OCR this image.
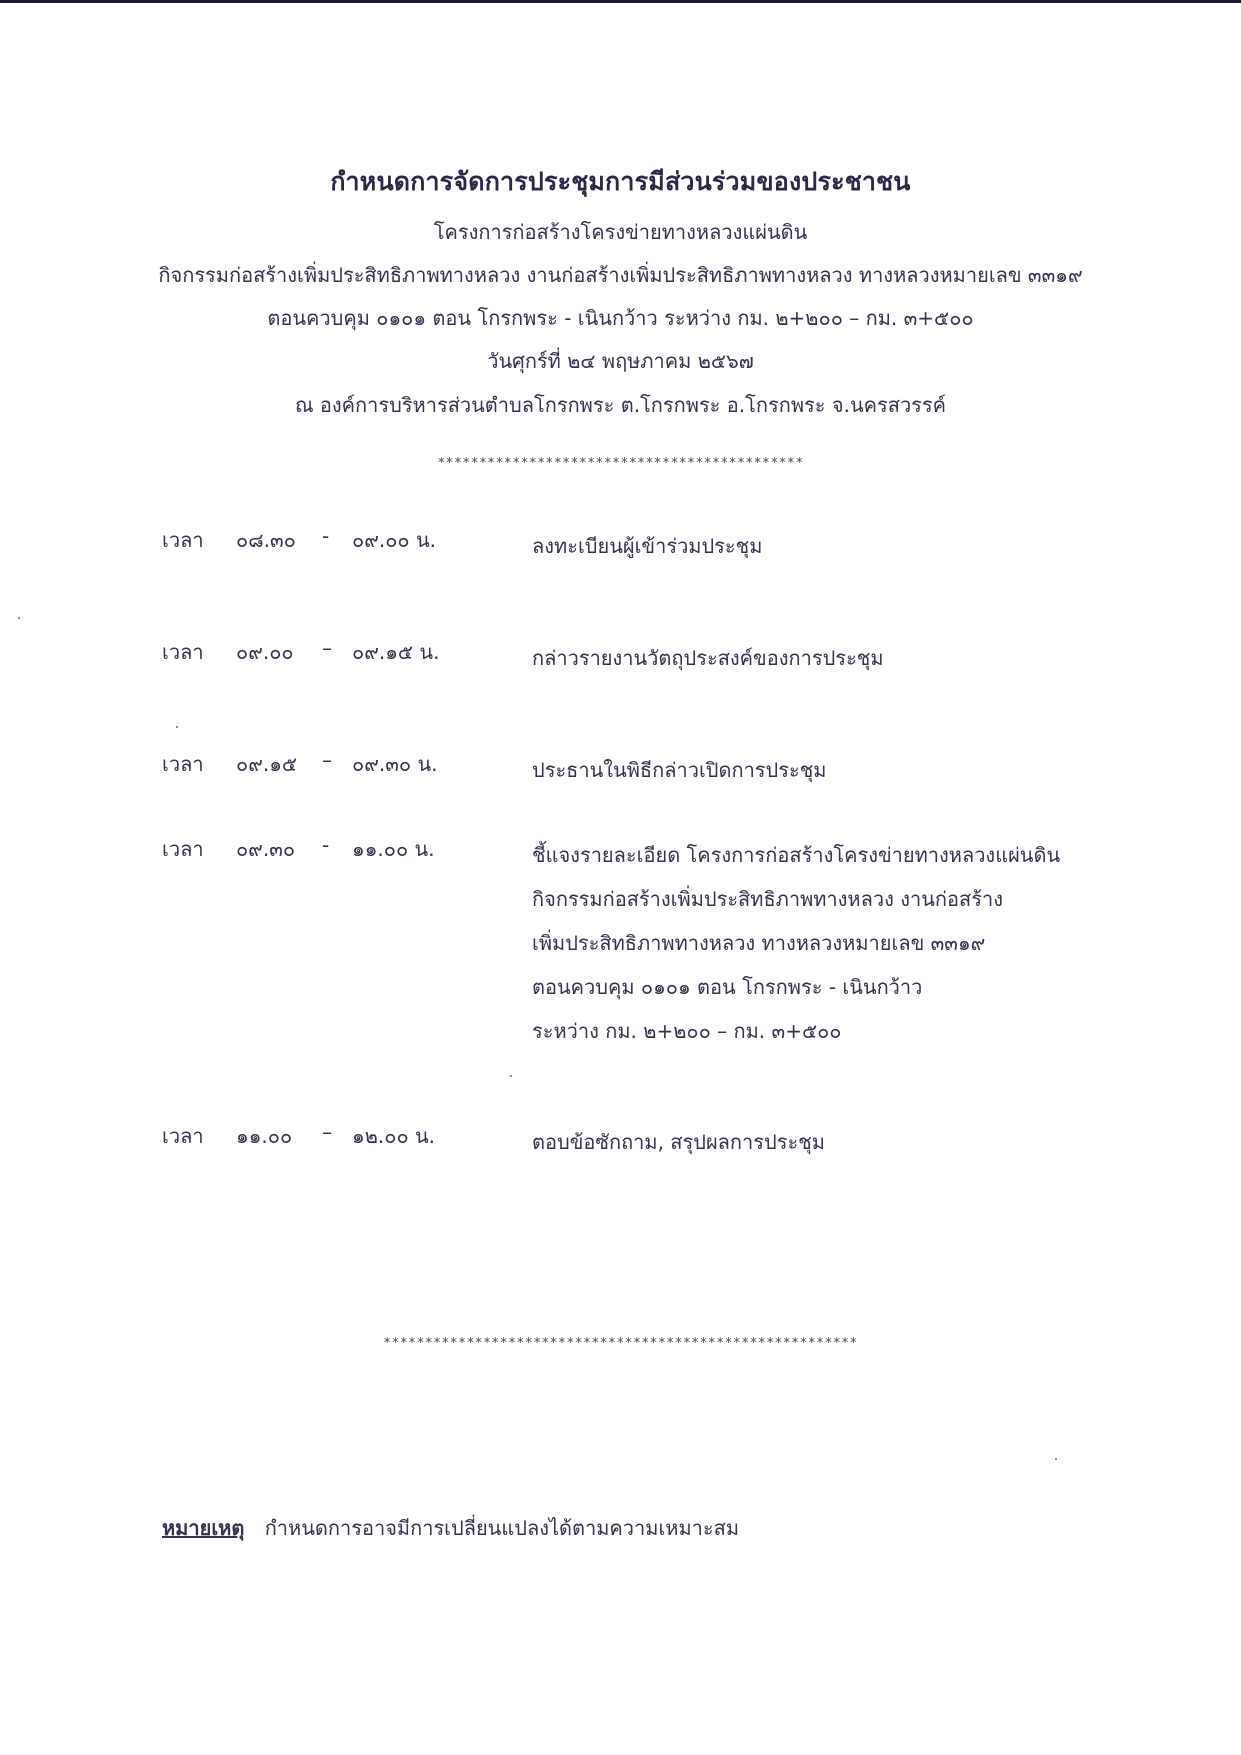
กำหนดการจัดการประชุมการมีส่วนร่วมของประชาชน
โครงการก่อสร้างโครงข่ายทางหลวงแผ่นดิน
กิจกรรมก่อสร้างเพิ่มประสิทธิภาพทางหลวง งานก่อสร้างเพิ่มประสิทธิภาพทางหลวง ทางหลวงหมายเลข ๓๓๑๙
ตอนควบคุม ๐๑๐๑ ตอน โกรกพระ - เนินกว้าว ระหว่าง กม. ๒+๒๐๐ – กม. ๓+๕๐๐
วันศุกร์ที่ ๒๔ พฤษภาคม ๒๕๖๗
ณ องค์การบริหารส่วนตำบลโกรกพระ ต.โกรกพระ อ.โกรกพระ จ.นครสวรรค์
********************************************
เวลา ๐๘.๓๐ - ๐๙.๐๐ น.	ลงทะเบียนผู้เข้าร่วมประชุม
เวลา ๐๙.๐๐ – ๐๙.๑๕ น.	กล่าวรายงานวัตถุประสงค์ของการประชุม
เวลา ๐๙.๑๕ – ๐๙.๓๐ น.	ประธานในพิธีกล่าวเปิดการประชุม
เวลา ๐๙.๓๐ - ๑๑.๐๐ น.	ชี้แจงรายละเอียด โครงการก่อสร้างโครงข่ายทางหลวงแผ่นดิน
กิจกรรมก่อสร้างเพิ่มประสิทธิภาพทางหลวง งานก่อสร้าง
เพิ่มประสิทธิภาพทางหลวง ทางหลวงหมายเลข ๓๓๑๙
ตอนควบคุม ๐๑๐๑ ตอน โกรกพระ - เนินกว้าว
ระหว่าง กม. ๒+๒๐๐ – กม. ๓+๕๐๐
เวลา ๑๑.๐๐ – ๑๒.๐๐ น.	ตอบข้อซักถาม, สรุปผลการประชุม
*********************************************************
หมายเหตุ กำหนดการอาจมีการเปลี่ยนแปลงได้ตามความเหมาะสม
